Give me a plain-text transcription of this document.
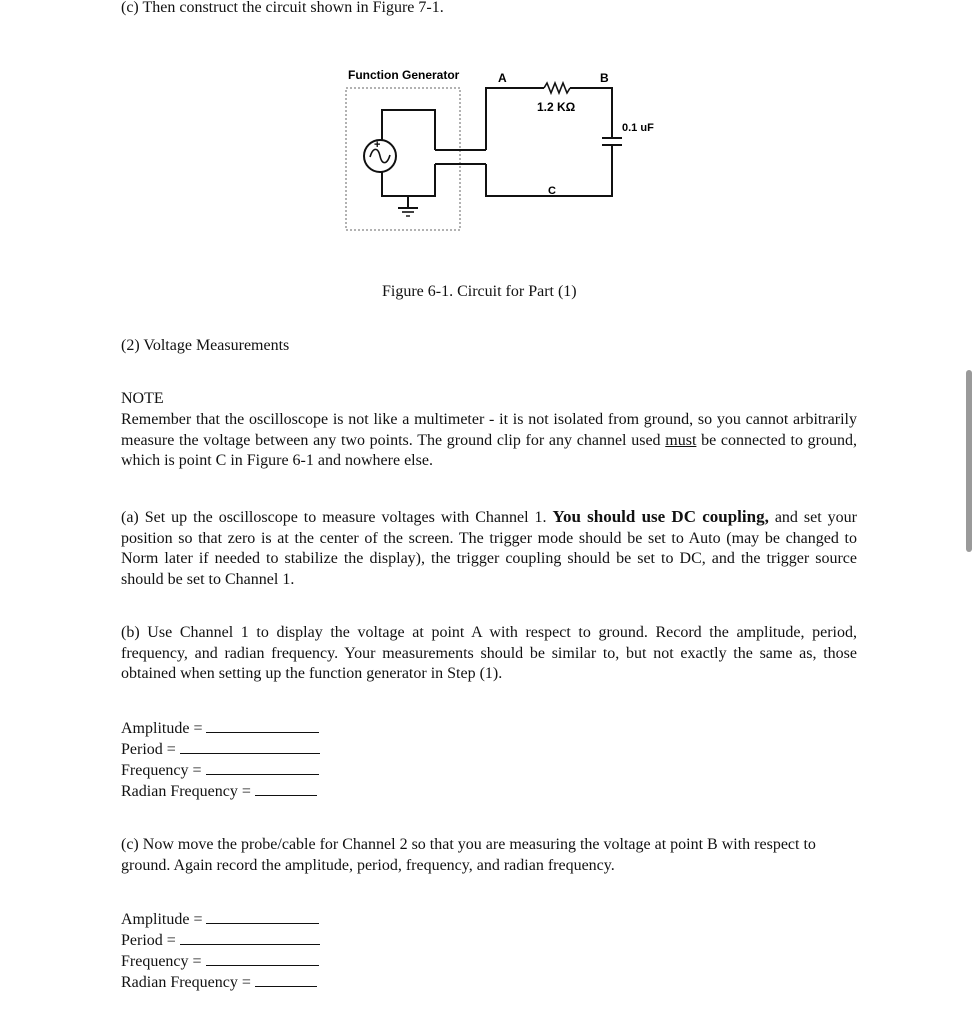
(c) Then construct the circuit shown in Figure 7-1.
Function Generator
+
A	B
C
1.2 KΩ
0.1 uF
Figure 6-1. Circuit for Part (1)
(2) Voltage Measurements
NOTE
Remember that the oscilloscope is not like a multimeter - it is not isolated from ground, so you cannot arbitrarily measure the voltage between any two points. The ground clip for any channel used must be connected to ground, which is point C in Figure 6-1 and nowhere else.
(a) Set up the oscilloscope to measure voltages with Channel 1. You should use DC coupling, and set your position so that zero is at the center of the screen. The trigger mode should be set to Auto (may be changed to Norm later if needed to stabilize the display), the trigger coupling should be set to DC, and the trigger source should be set to Channel 1.
(b) Use Channel 1 to display the voltage at point A with respect to ground. Record the amplitude, period, frequency, and radian frequency. Your measurements should be similar to, but not exactly the same as, those obtained when setting up the function generator in Step (1).
Amplitude =
Period =
Frequency =
Radian Frequency =
(c) Now move the probe/cable for Channel 2 so that you are measuring the voltage at point B with respect to ground. Again record the amplitude, period, frequency, and radian frequency.
Amplitude =
Period =
Frequency =
Radian Frequency =
